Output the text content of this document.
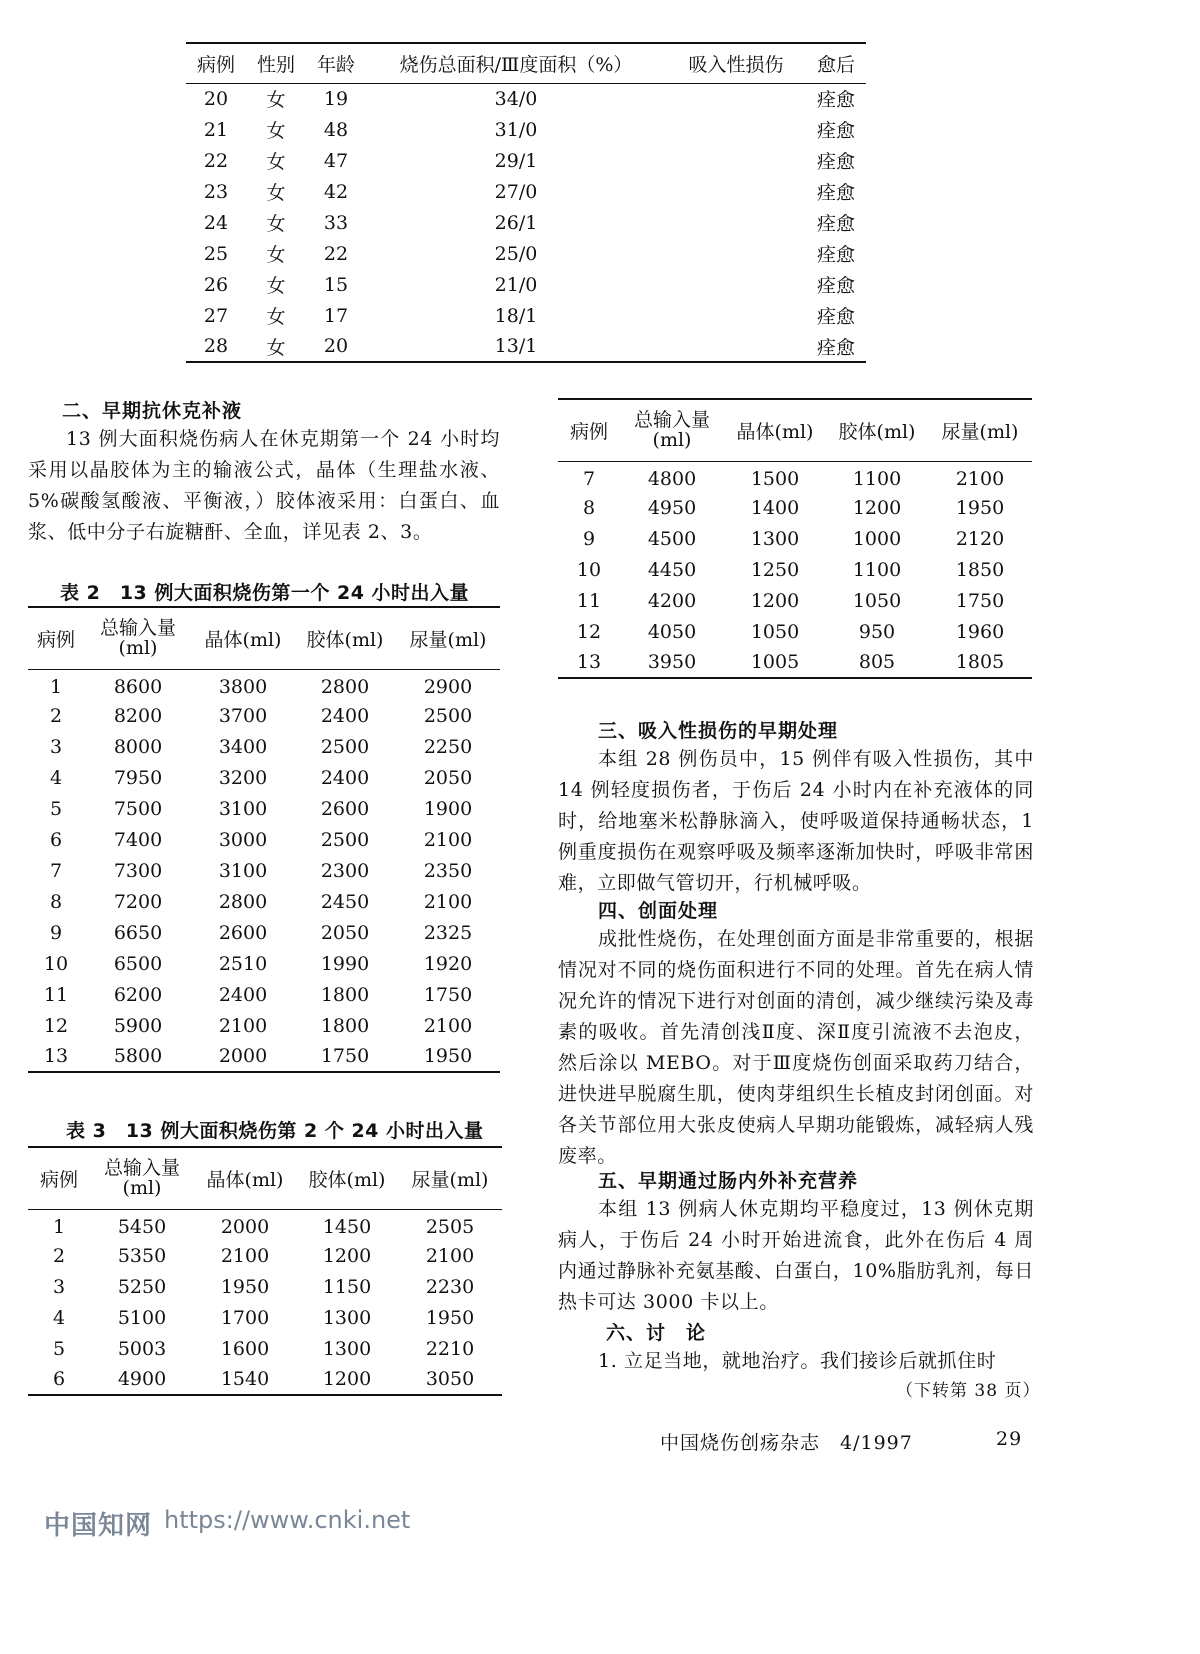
病例	性别	年龄	烧伤总面积/Ⅲ度面积（%）	吸入性损伤	愈后
20	女	19	34/0		痊愈
21	女	48	31/0		痊愈
22	女	47	29/1		痊愈
23	女	42	27/0		痊愈
24	女	33	26/1		痊愈
25	女	22	25/0		痊愈
26	女	15	21/0		痊愈
27	女	17	18/1		痊愈
28	女	20	13/1		痊愈
二、早期抗休克补液
13 例大面积烧伤病人在休克期第一个 24 小时均采用以晶胶体为主的输液公式，晶体（生理盐水液、5%碳酸氢酸液、平衡液，）胶体液采用：白蛋白、血浆、低中分子右旋糖酐、全血，详见表 2、3。
表 2　13 例大面积烧伤第一个 24 小时出入量
病例	总输入量
(ml)	晶体(ml)	胶体(ml)	尿量(ml)
1	8600	3800	2800	2900
2	8200	3700	2400	2500
3	8000	3400	2500	2250
4	7950	3200	2400	2050
5	7500	3100	2600	1900
6	7400	3000	2500	2100
7	7300	3100	2300	2350
8	7200	2800	2450	2100
9	6650	2600	2050	2325
10	6500	2510	1990	1920
11	6200	2400	1800	1750
12	5900	2100	1800	2100
13	5800	2000	1750	1950
表 3　13 例大面积烧伤第 2 个 24 小时出入量
病例	总输入量
(ml)	晶体(ml)	胶体(ml)	尿量(ml)
1	5450	2000	1450	2505
2	5350	2100	1200	2100
3	5250	1950	1150	2230
4	5100	1700	1300	1950
5	5003	1600	1300	2210
6	4900	1540	1200	3050
病例	总输入量
(ml)	晶体(ml)	胶体(ml)	尿量(ml)
7	4800	1500	1100	2100
8	4950	1400	1200	1950
9	4500	1300	1000	2120
10	4450	1250	1100	1850
11	4200	1200	1050	1750
12	4050	1050	950	1960
13	3950	1005	805	1805
三、吸入性损伤的早期处理
本组 28 例伤员中，15 例伴有吸入性损伤，其中 14 例轻度损伤者，于伤后 24 小时内在补充液体的同时，给地塞米松静脉滴入，使呼吸道保持通畅状态，1 例重度损伤在观察呼吸及频率逐渐加快时，呼吸非常困难，立即做气管切开，行机械呼吸。
四、创面处理
成批性烧伤，在处理创面方面是非常重要的，根据情况对不同的烧伤面积进行不同的处理。首先在病人情况允许的情况下进行对创面的清创，减少继续污染及毒素的吸收。首先清创浅Ⅱ度、深Ⅱ度引流液不去泡皮，然后涂以 MEBO。对于Ⅲ度烧伤创面采取药刀结合，进快进早脱腐生肌，使肉芽组织生长植皮封闭创面。对各关节部位用大张皮使病人早期功能锻炼，减轻病人残废率。
五、早期通过肠内外补充营养
本组 13 例病人休克期均平稳度过，13 例休克期病人，于伤后 24 小时开始进流食，此外在伤后 4 周内通过静脉补充氨基酸、白蛋白，10%脂肪乳剂，每日热卡可达 3000 卡以上。
六、讨　论
1. 立足当地，就地治疗。我们接诊后就抓住时
（下转第 38 页）
中国烧伤创疡杂志　4/1997	29
中国知网 https://www.cnki.net
